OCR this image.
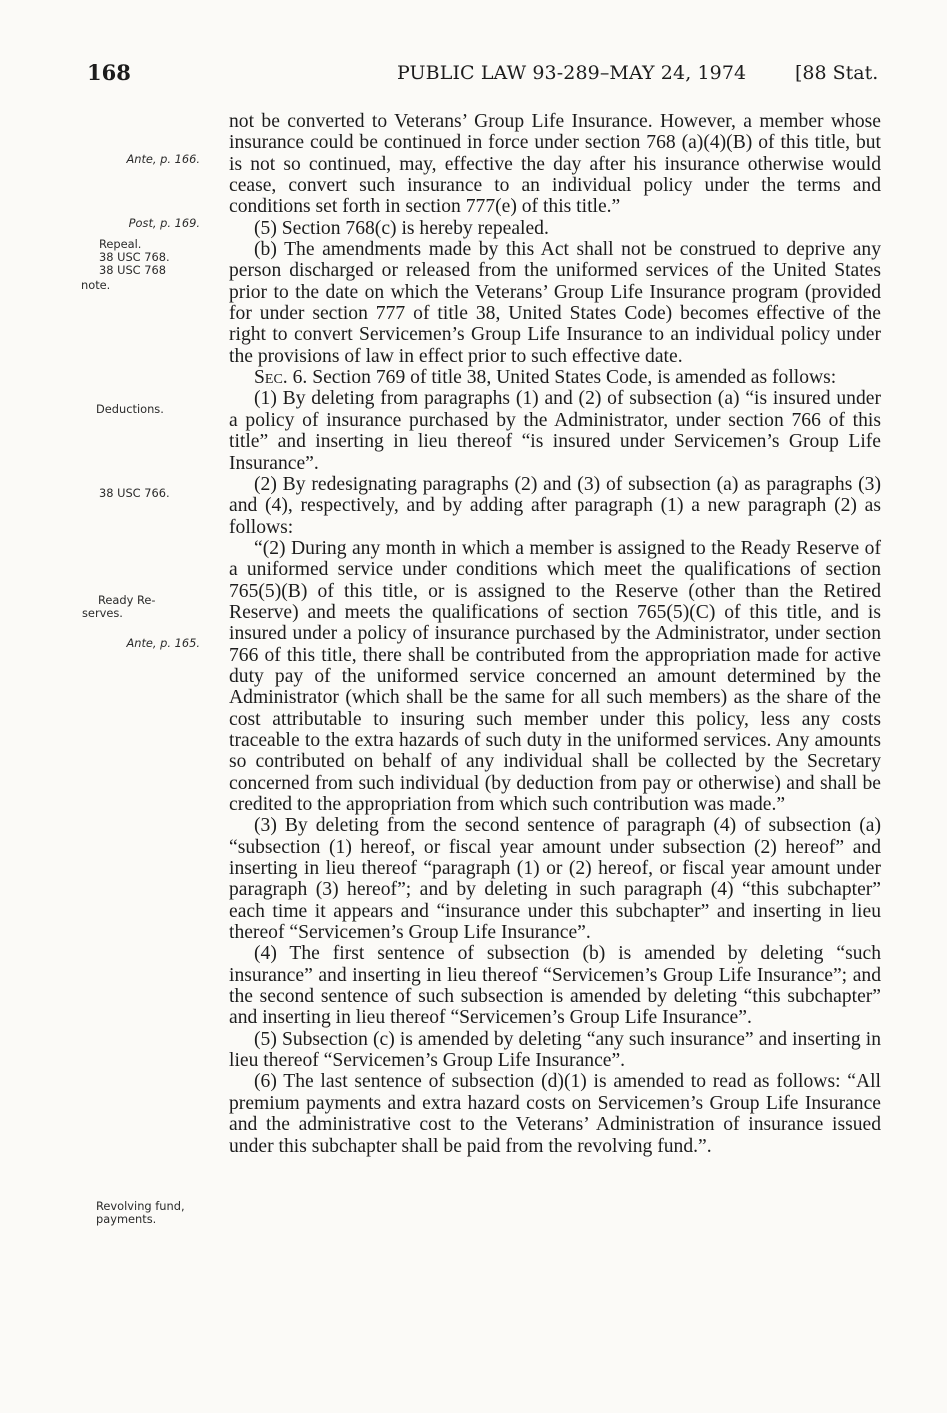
168	PUBLIC LAW 93-289–MAY 24, 1974	[88 Stat.
Ante, p. 166.
Post, p. 169.
Repeal.
38 USC 768.
38 USC 768
note.
Deductions.
38 USC 766.
Ready Re-
serves.
Ante, p. 165.
Revolving fund,
payments.

not be converted to Veterans’ Group Life Insurance. However, a member whose insurance could be continued in force under section 768 (a)(4)(B) of this title, but is not so continued, may, effective the day after his insurance otherwise would cease, convert such insurance to an individual policy under the terms and conditions set forth in section 777(e) of this title.”

(5) Section 768(c) is hereby repealed.

(b) The amendments made by this Act shall not be construed to deprive any person discharged or released from the uniformed services of the United States prior to the date on which the Veterans’ Group Life Insurance program (provided for under section 777 of title 38, United States Code) becomes effective of the right to convert Servicemen’s Group Life Insurance to an individual policy under the provisions of law in effect prior to such effective date.

Sec. 6. Section 769 of title 38, United States Code, is amended as follows:

(1) By deleting from paragraphs (1) and (2) of subsection (a) “is insured under a policy of insurance purchased by the Administrator, under section 766 of this title” and inserting in lieu thereof “is insured under Servicemen’s Group Life Insurance”.

(2) By redesignating paragraphs (2) and (3) of subsection (a) as paragraphs (3) and (4), respectively, and by adding after paragraph (1) a new paragraph (2) as follows:

“(2) During any month in which a member is assigned to the Ready Reserve of a uniformed service under conditions which meet the qualifications of section 765(5)(B) of this title, or is assigned to the Reserve (other than the Retired Reserve) and meets the qualifications of section 765(5)(C) of this title, and is insured under a policy of insurance purchased by the Administrator, under section 766 of this title, there shall be contributed from the appropriation made for active duty pay of the uniformed service concerned an amount determined by the Administrator (which shall be the same for all such members) as the share of the cost attributable to insuring such member under this policy, less any costs traceable to the extra hazards of such duty in the uniformed services. Any amounts so contributed on behalf of any individual shall be collected by the Secretary concerned from such individual (by deduction from pay or otherwise) and shall be credited to the appropriation from which such contribution was made.”

(3) By deleting from the second sentence of paragraph (4) of subsection (a) “subsection (1) hereof, or fiscal year amount under subsection (2) hereof” and inserting in lieu thereof “paragraph (1) or (2) hereof, or fiscal year amount under paragraph (3) hereof”; and by deleting in such paragraph (4) “this subchapter” each time it appears and “insurance under this subchapter” and inserting in lieu thereof “Servicemen’s Group Life Insurance”.

(4) The first sentence of subsection (b) is amended by deleting “such insurance” and inserting in lieu thereof “Servicemen’s Group Life Insurance”; and the second sentence of such subsection is amended by deleting “this subchapter” and inserting in lieu thereof “Servicemen’s Group Life Insurance”.

(5) Subsection (c) is amended by deleting “any such insurance” and inserting in lieu thereof “Servicemen’s Group Life Insurance”.

(6) The last sentence of subsection (d)(1) is amended to read as follows: “All premium payments and extra hazard costs on Servicemen’s Group Life Insurance and the administrative cost to the Veterans’ Administration of insurance issued under this subchapter shall be paid from the revolving fund.”.
